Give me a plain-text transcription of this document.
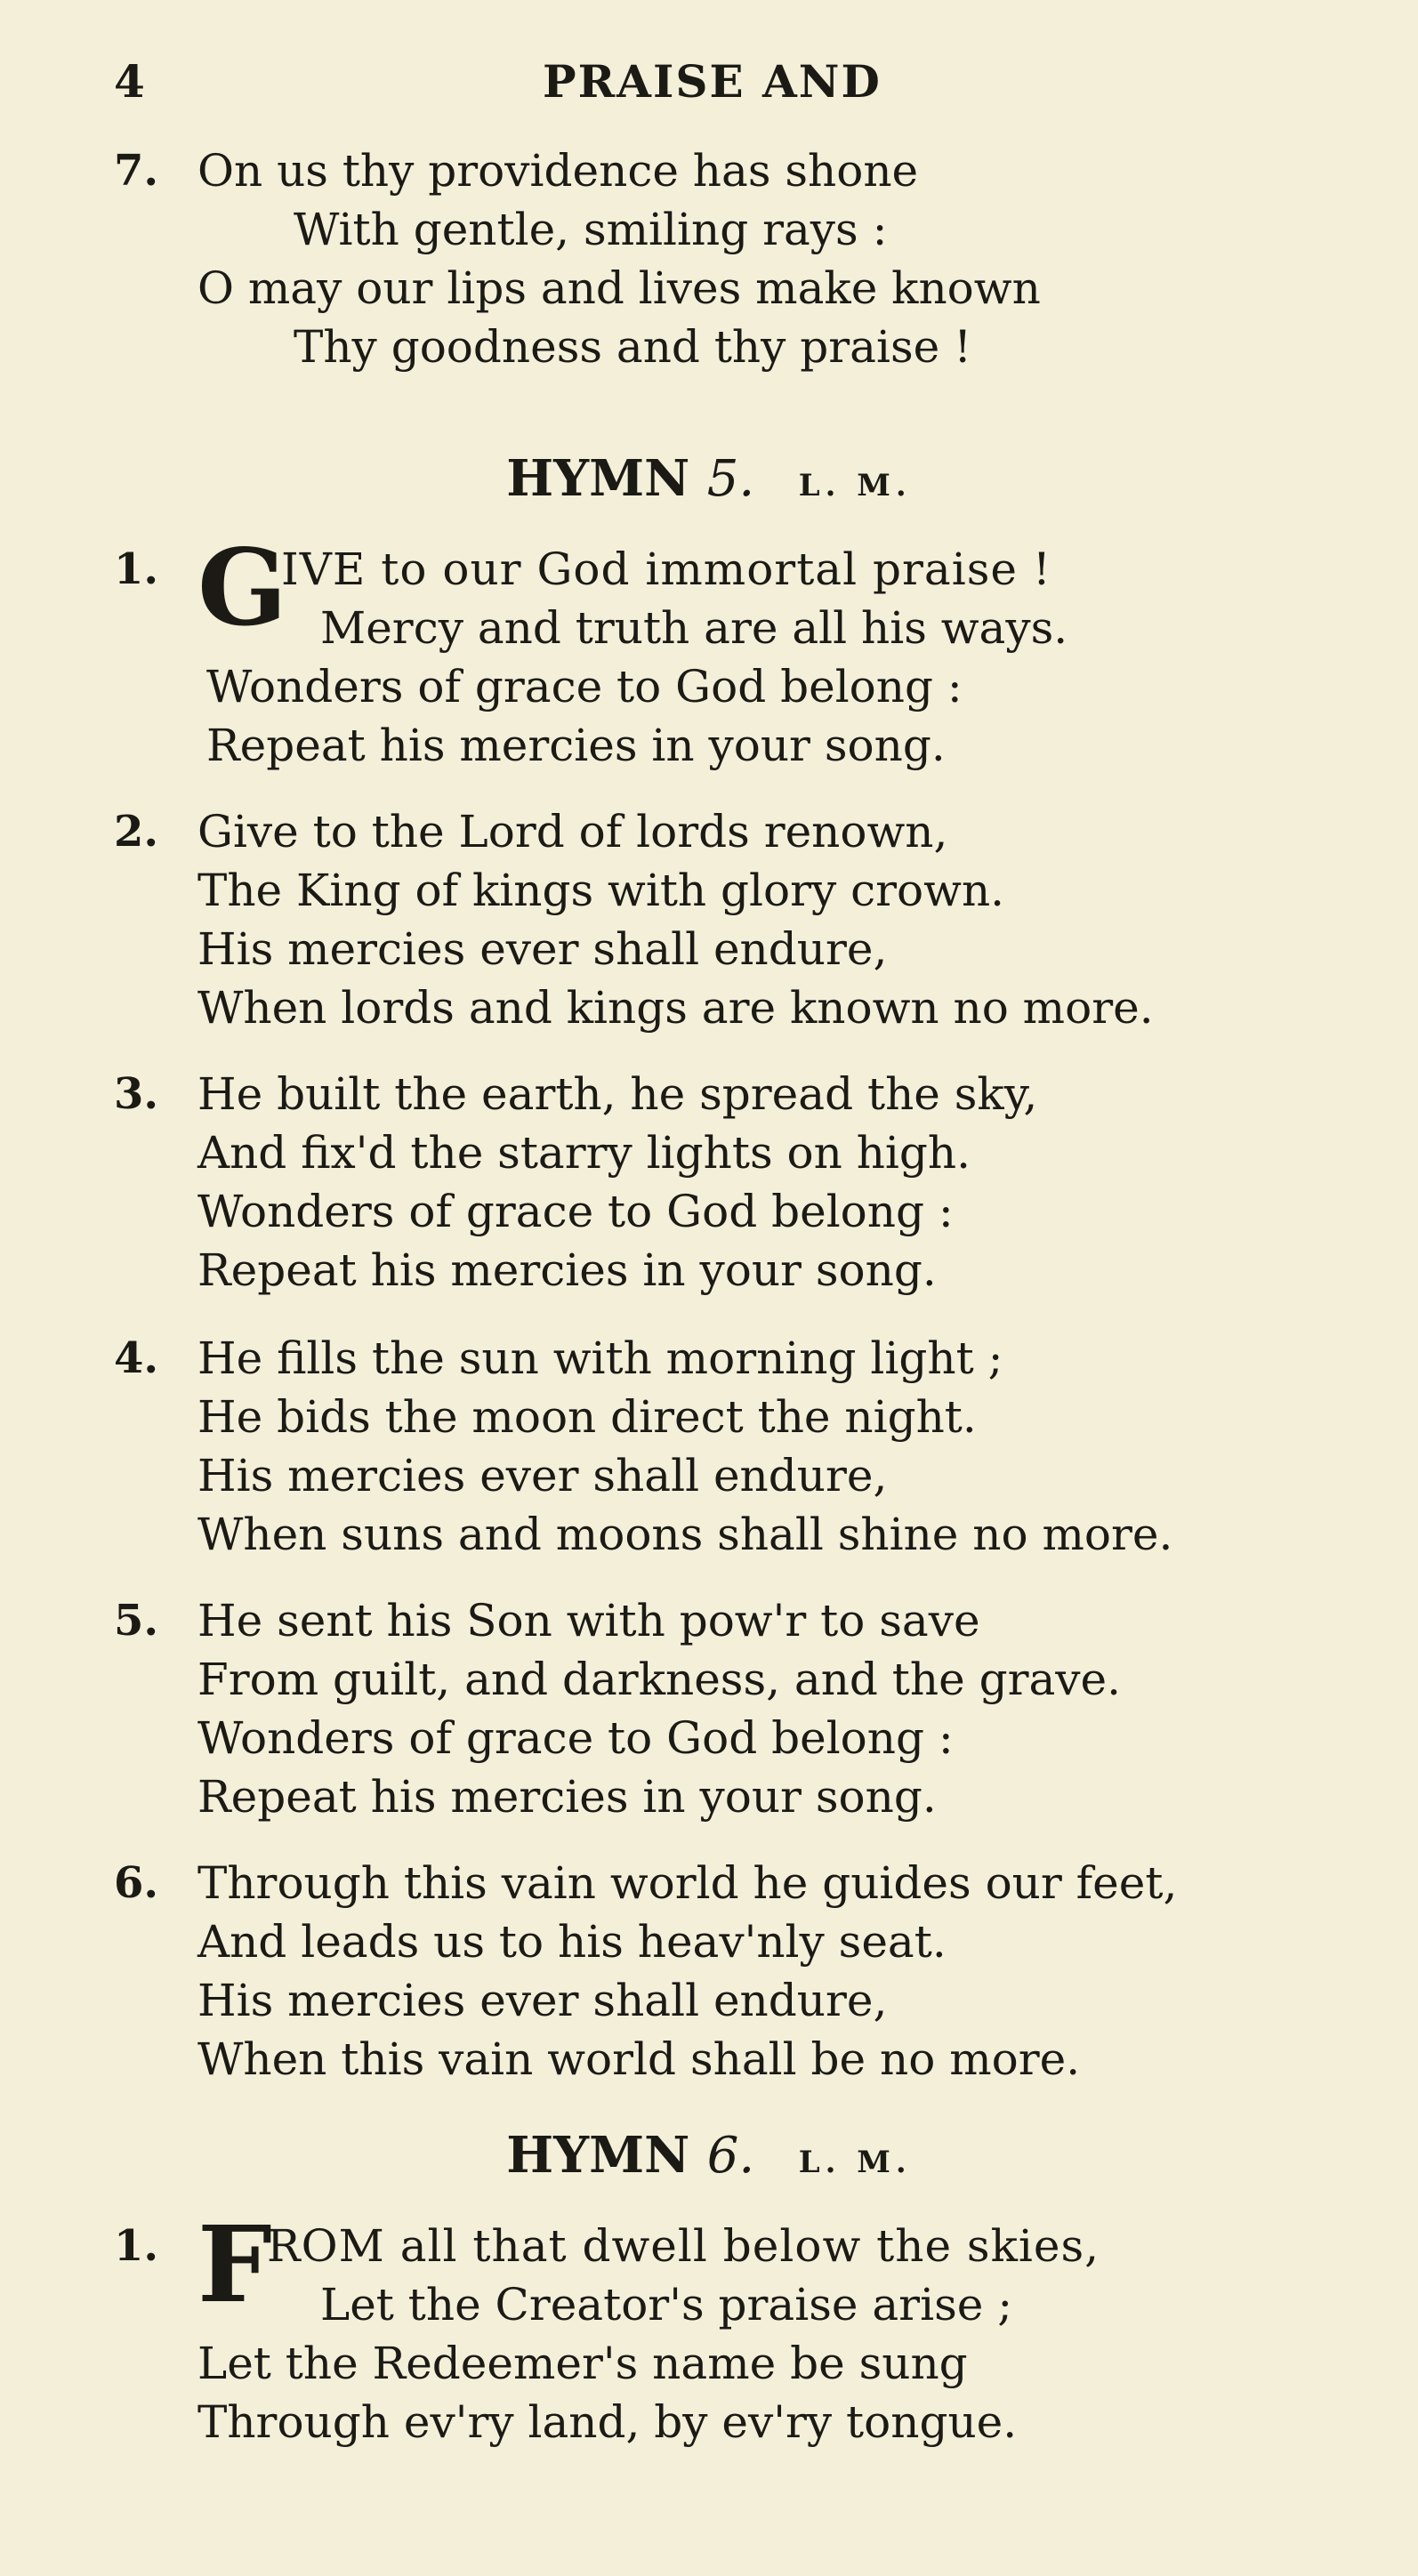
4	PRAISE AND
7. On us thy providence has shone
With gentle, smiling rays :
O may our lips and lives make known
Thy goodness and thy praise !
HYMN 5. L. M.
1. G
IVE to our God immortal praise !
Mercy and truth are all his ways.
Wonders of grace to God belong :
Repeat his mercies in your song.
2. Give to the Lord of lords renown,
The King of kings with glory crown.
His mercies ever shall endure,
When lords and kings are known no more.
3. He built the earth, he spread the sky,
And fix'd the starry lights on high.
Wonders of grace to God belong :
Repeat his mercies in your song.
4. He fills the sun with morning light ;
He bids the moon direct the night.
His mercies ever shall endure,
When suns and moons shall shine no more.
5. He sent his Son with pow'r to save
From guilt, and darkness, and the grave.
Wonders of grace to God belong :
Repeat his mercies in your song.
6. Through this vain world he guides our feet,
And leads us to his heav'nly seat.
His mercies ever shall endure,
When this vain world shall be no more.
HYMN 6. L. M.
1. F
ROM all that dwell below the skies,
Let the Creator's praise arise ;
Let the Redeemer's name be sung
Through ev'ry land, by ev'ry tongue.
